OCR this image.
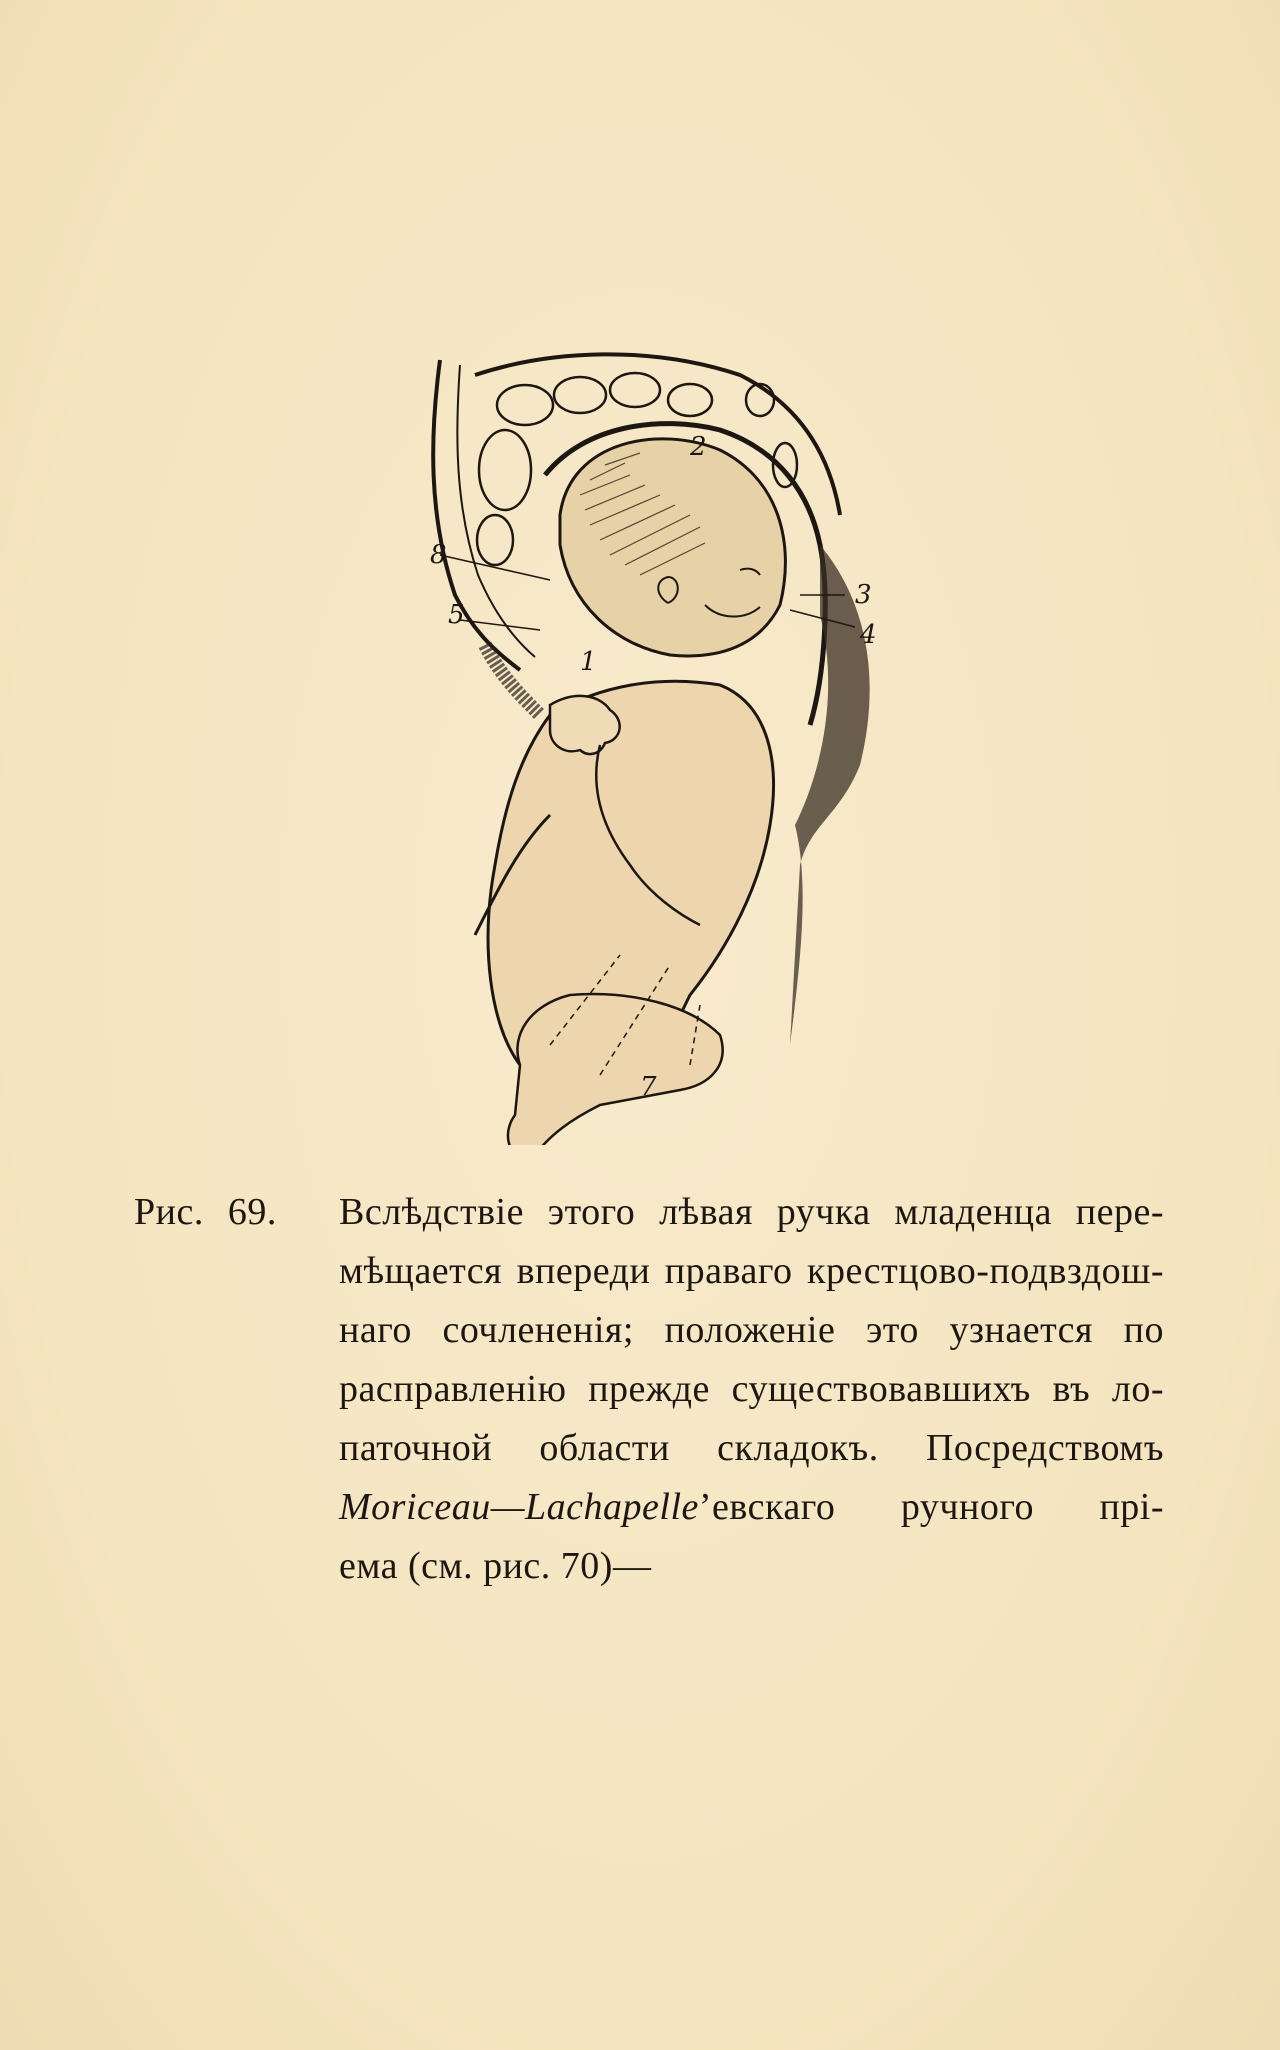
2
3
4
8
5
1
7
Рис. 69.	Вслѣдствіе этого лѣвая ручка младенца пере-
мѣщается впереди праваго крестцово-подвздош-
наго сочлененія; положеніе это узнается по
расправленію прежде существовавшихъ въ ло-
паточной области складокъ. Посредствомъ
Moriceau—Lachapelle’евскаго ручного прі-
ема (см. рис. 70)—
